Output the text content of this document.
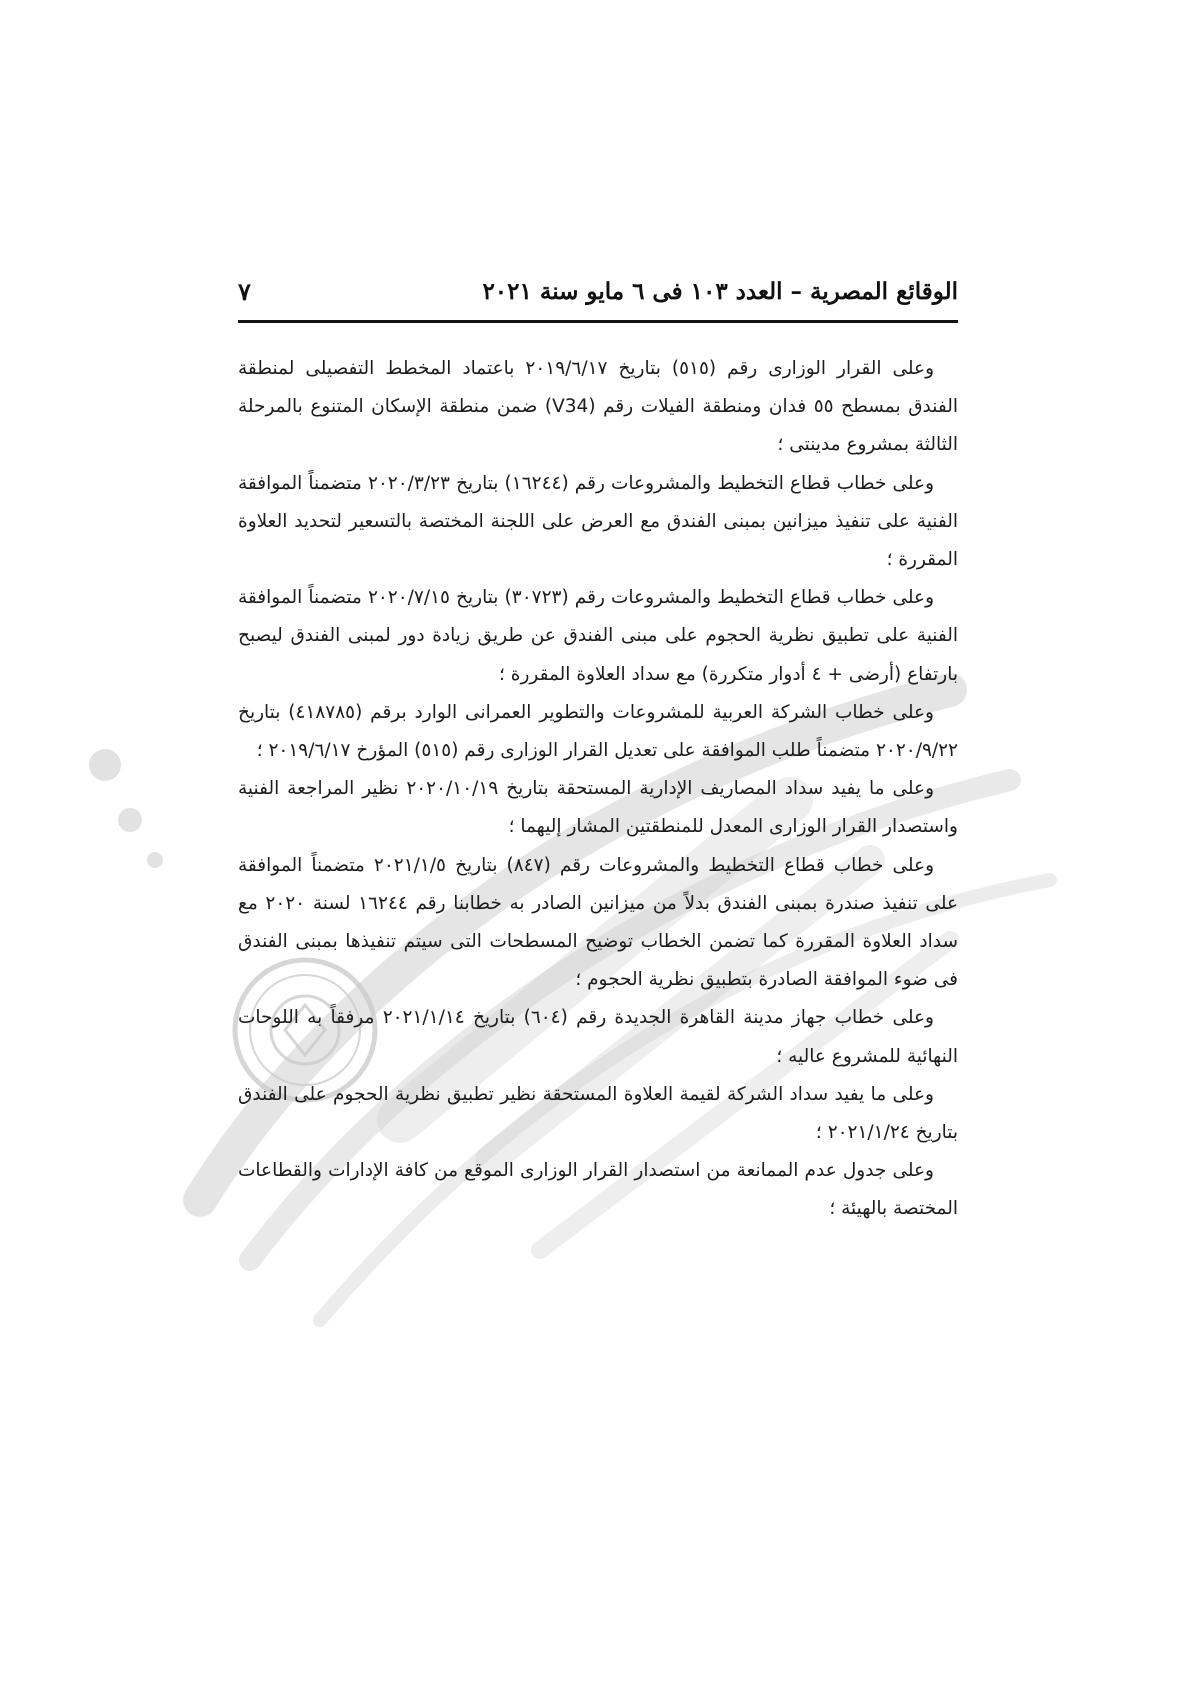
الوقائع المصرية – العدد ١٠٣ فى ٦ مايو سنة ٢٠٢١
٧

وعلى القرار الوزارى رقم (٥١٥) بتاريخ ٢٠١٩/٦/١٧ باعتماد المخطط التفصيلى لمنطقة الفندق بمسطح ٥٥ فدان ومنطقة الفيلات رقم (V34) ضمن منطقة الإسكان المتنوع بالمرحلة الثالثة بمشروع مدينتى ؛

وعلى خطاب قطاع التخطيط والمشروعات رقم (١٦٢٤٤) بتاريخ ٢٠٢٠/٣/٢٣ متضمناً الموافقة الفنية على تنفيذ ميزانين بمبنى الفندق مع العرض على اللجنة المختصة بالتسعير لتحديد العلاوة المقررة ؛

وعلى خطاب قطاع التخطيط والمشروعات رقم (٣٠٧٢٣) بتاريخ ٢٠٢٠/٧/١٥ متضمناً الموافقة الفنية على تطبيق نظرية الحجوم على مبنى الفندق عن طريق زيادة دور لمبنى الفندق ليصبح بارتفاع (أرضى + ٤ أدوار متكررة) مع سداد العلاوة المقررة ؛

وعلى خطاب الشركة العربية للمشروعات والتطوير العمرانى الوارد برقم (٤١٨٧٨٥) بتاريخ ٢٠٢٠/٩/٢٢ متضمناً طلب الموافقة على تعديل القرار الوزارى رقم (٥١٥) المؤرخ ٢٠١٩/٦/١٧ ؛

وعلى ما يفيد سداد المصاريف الإدارية المستحقة بتاريخ ٢٠٢٠/١٠/١٩ نظير المراجعة الفنية واستصدار القرار الوزارى المعدل للمنطقتين المشار إليهما ؛

وعلى خطاب قطاع التخطيط والمشروعات رقم (٨٤٧) بتاريخ ٢٠٢١/١/٥ متضمناً الموافقة على تنفيذ صندرة بمبنى الفندق بدلاً من ميزانين الصادر به خطابنا رقم ١٦٢٤٤ لسنة ٢٠٢٠ مع سداد العلاوة المقررة كما تضمن الخطاب توضيح المسطحات التى سيتم تنفيذها بمبنى الفندق فى ضوء الموافقة الصادرة بتطبيق نظرية الحجوم ؛

وعلى خطاب جهاز مدينة القاهرة الجديدة رقم (٦٠٤) بتاريخ ٢٠٢١/١/١٤ مرفقاً به اللوحات النهائية للمشروع عاليه ؛

وعلى ما يفيد سداد الشركة لقيمة العلاوة المستحقة نظير تطبيق نظرية الحجوم على الفندق بتاريخ ٢٠٢١/١/٢٤ ؛

وعلى جدول عدم الممانعة من استصدار القرار الوزارى الموقع من كافة الإدارات والقطاعات المختصة بالهيئة ؛
